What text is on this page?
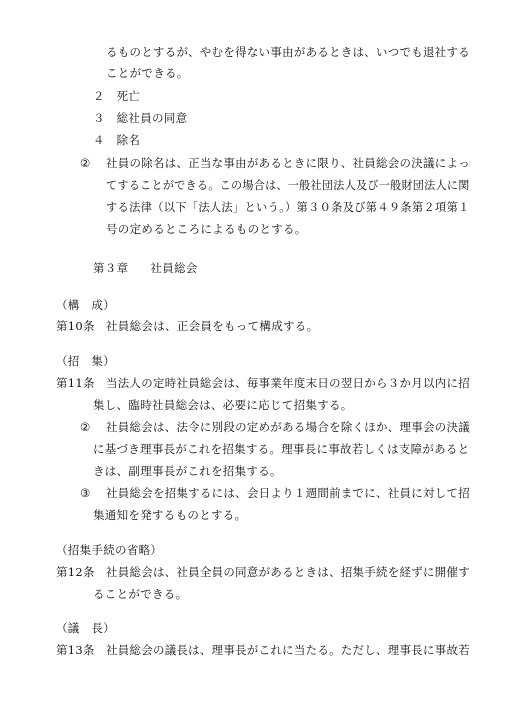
るものとするが、やむを得ない事由があるときは、いつでも退社する
ことができる。
２　 死亡
３　 総社員の同意
４　 除名
② 社員の除名は、正当な事由があるときに限り、社員総会の決議によっ
てすることができる。この場合は、一般社団法人及び一般財団法人に関
する法律（以下「法人法」という。）第３０条及び第４９条第２項第１
号の定めるところによるものとする。
第３章 社員総会
（構　成）
第10条 社員総会は、正会員をもって構成する。
（招　集）
第11条 当法人の定時社員総会は、毎事業年度末日の翌日から３か月以内に招
集し、臨時社員総会は、必要に応じて招集する。
② 社員総会は、法令に別段の定めがある場合を除くほか、理事会の決議
に基づき理事長がこれを招集する。理事長に事故若しくは支障があると
きは、副理事長がこれを招集する。
③ 社員総会を招集するには、会日より１週間前までに、社員に対して招
集通知を発するものとする。
（招集手続の省略）
第12条 社員総会は、社員全員の同意があるときは、招集手続を経ずに開催す
ることができる。
（議　長）
第13条 社員総会の議長は、理事長がこれに当たる。ただし、理事長に事故若
